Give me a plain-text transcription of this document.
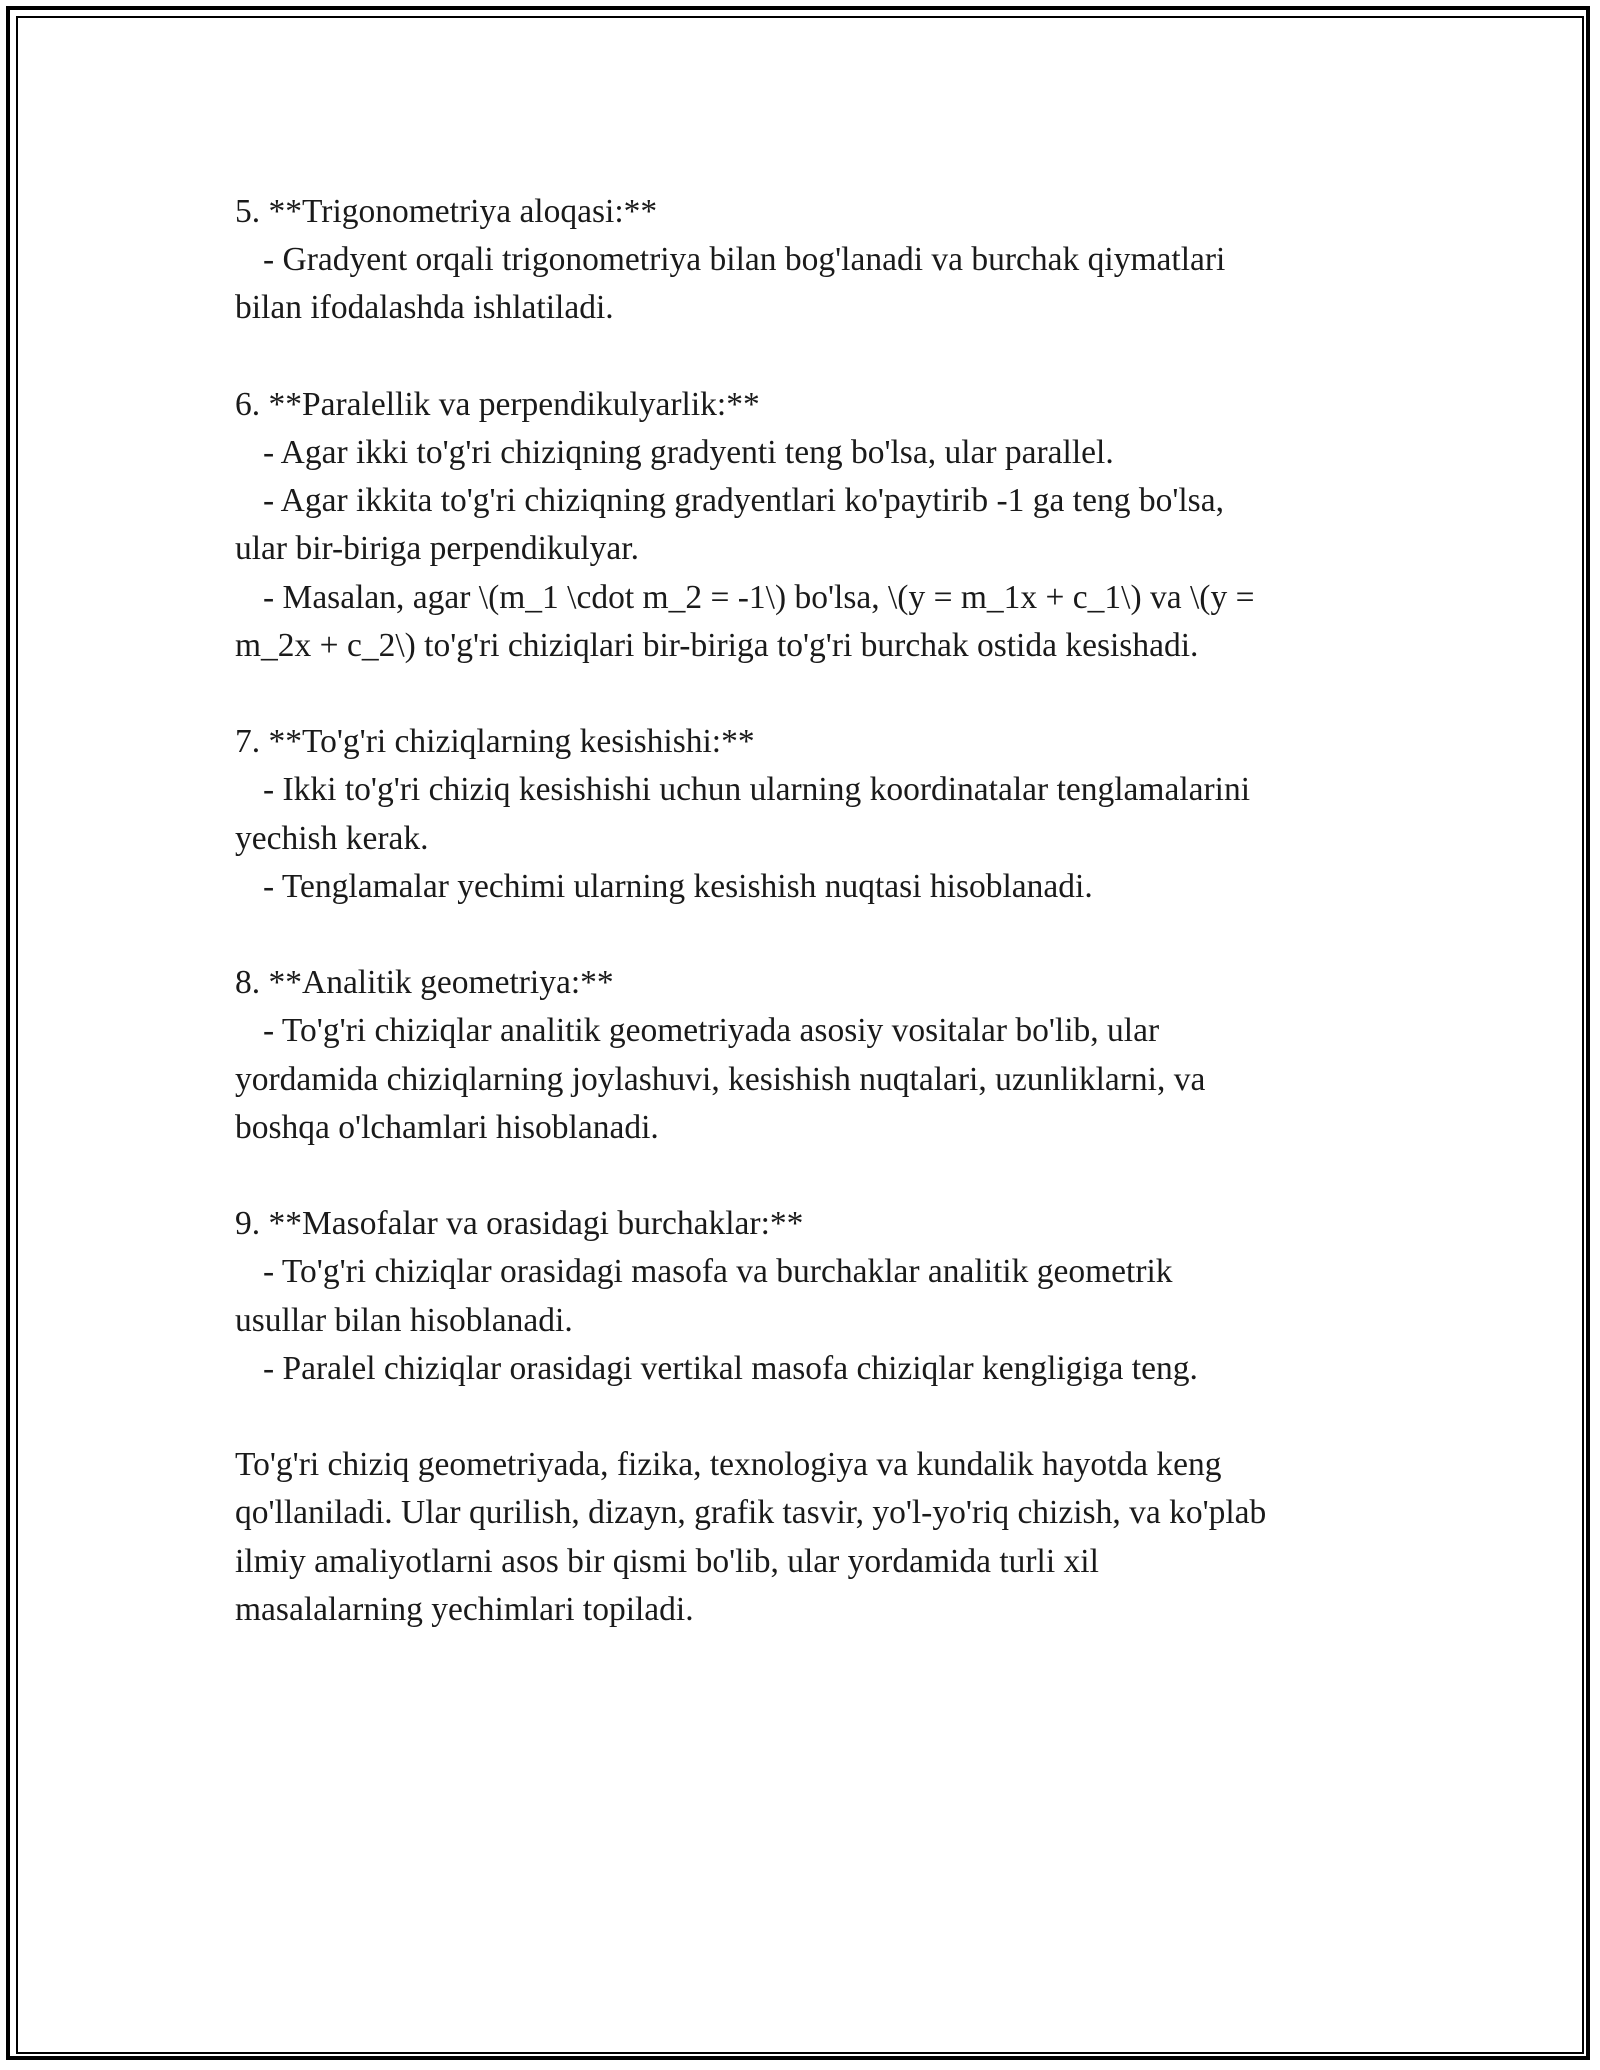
5. **Trigonometriya aloqasi:**
- Gradyent orqali trigonometriya bilan bog'lanadi va burchak qiymatlari
bilan ifodalashda ishlatiladi.
6. **Paralellik va perpendikulyarlik:**
- Agar ikki to'g'ri chiziqning gradyenti teng bo'lsa, ular parallel.
- Agar ikkita to'g'ri chiziqning gradyentlari ko'paytirib -1 ga teng bo'lsa,
ular bir-biriga perpendikulyar.
- Masalan, agar \(m_1 \cdot m_2 = -1\) bo'lsa, \(y = m_1x + c_1\) va \(y =
m_2x + c_2\) to'g'ri chiziqlari bir-biriga to'g'ri burchak ostida kesishadi.
7. **To'g'ri chiziqlarning kesishishi:**
- Ikki to'g'ri chiziq kesishishi uchun ularning koordinatalar tenglamalarini
yechish kerak.
- Tenglamalar yechimi ularning kesishish nuqtasi hisoblanadi.
8. **Analitik geometriya:**
- To'g'ri chiziqlar analitik geometriyada asosiy vositalar bo'lib, ular
yordamida chiziqlarning joylashuvi, kesishish nuqtalari, uzunliklarni, va
boshqa o'lchamlari hisoblanadi.
9. **Masofalar va orasidagi burchaklar:**
- To'g'ri chiziqlar orasidagi masofa va burchaklar analitik geometrik
usullar bilan hisoblanadi.
- Paralel chiziqlar orasidagi vertikal masofa chiziqlar kengligiga teng.
To'g'ri chiziq geometriyada, fizika, texnologiya va kundalik hayotda keng
qo'llaniladi. Ular qurilish, dizayn, grafik tasvir, yo'l-yo'riq chizish, va ko'plab
ilmiy amaliyotlarni asos bir qismi bo'lib, ular yordamida turli xil
masalalarning yechimlari topiladi.
